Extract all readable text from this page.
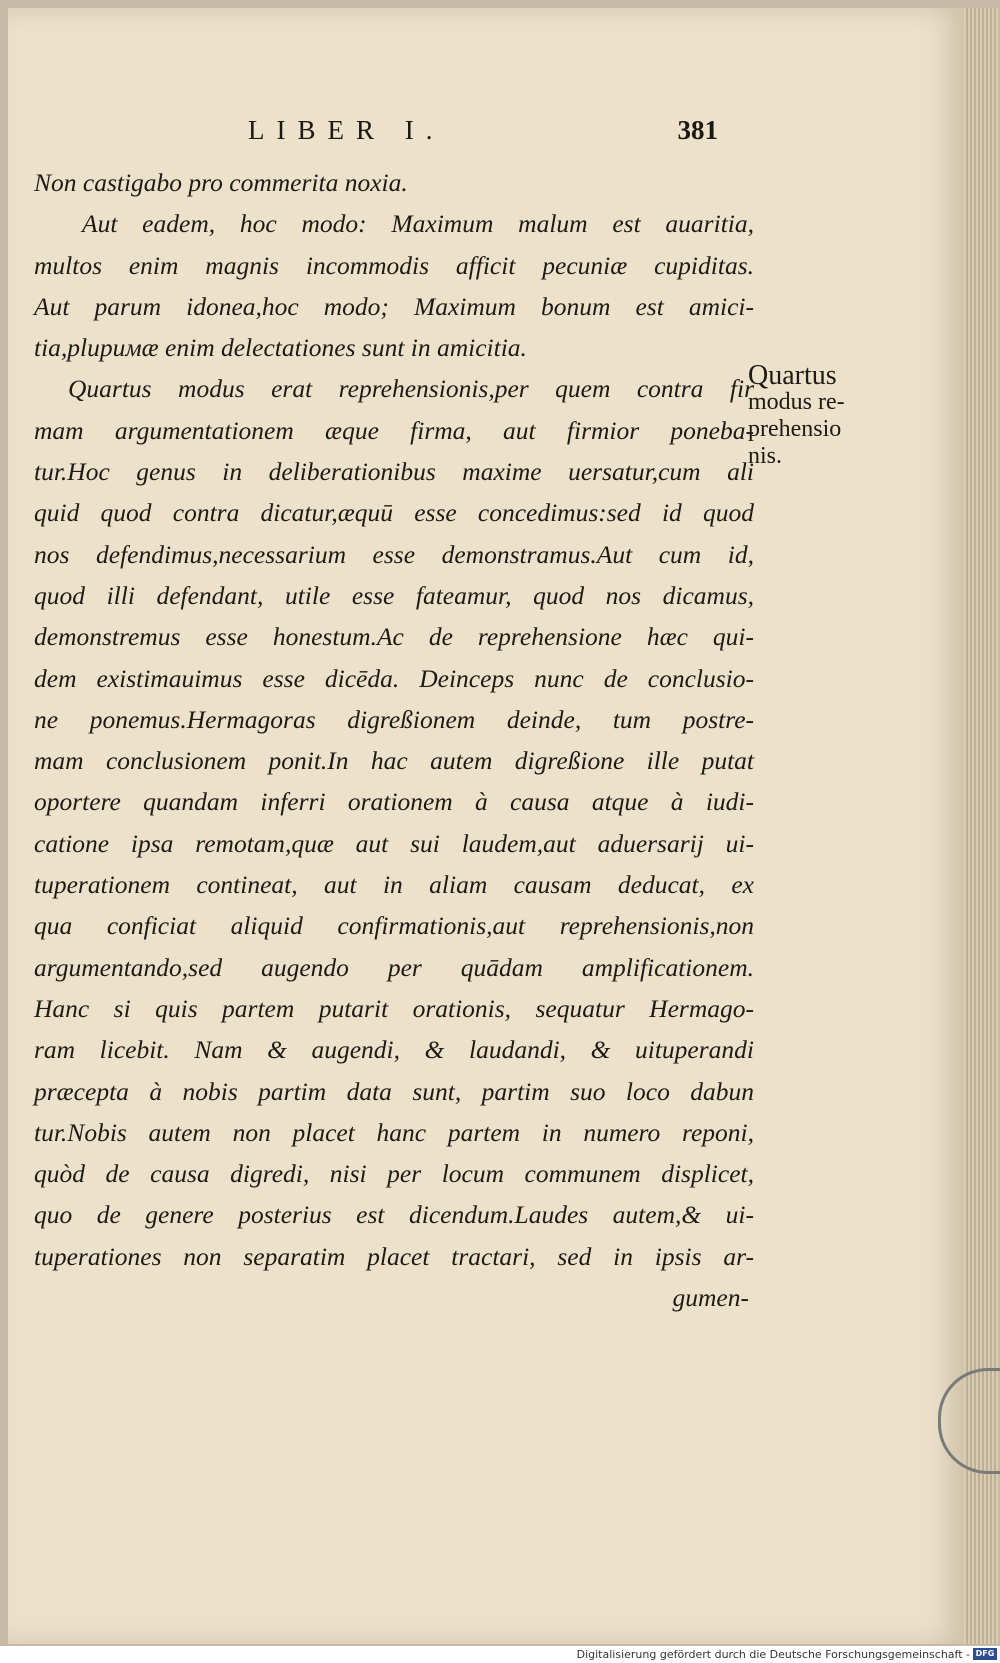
LIBER I.	381
Non castigabo pro commerita noxia.
Aut eadem, hoc modo: Maximum malum est auaritia,
multos enim magnis incommodis afficit pecuniæ cupiditas.
Aut parum idonea,hoc modo; Maximum bonum est amici-
tia,pluримæ enim delectationes sunt in amicitia.
Quartus modus erat reprehensionis,per quem contra fir
mam argumentationem æque firma, aut firmior poneba-
tur.Hoc genus in deliberationibus maxime uersatur,cum ali
quid quod contra dicatur,æquū esse concedimus:sed id quod
nos defendimus,necessarium esse demonstramus.Aut cum id,
quod illi defendant, utile esse fateamur, quod nos dicamus,
demonstremus esse honestum.Ac de reprehensione hæc qui-
dem existimauimus esse dicēda. Deinceps nunc de conclusio-
ne ponemus.Hermagoras digreßionem deinde, tum postre-
mam conclusionem ponit.In hac autem digreßione ille putat
oportere quandam inferri orationem à causa atque à iudi-
catione ipsa remotam,quæ aut sui laudem,aut aduersarij ui-
tuperationem contineat, aut in aliam causam deducat, ex
qua conficiat aliquid confirmationis,aut reprehensionis,non
argumentando,sed augendo per quādam amplificationem.
Hanc si quis partem putarit orationis, sequatur Hermago-
ram licebit. Nam & augendi, & laudandi, & uituperandi
præcepta à nobis partim data sunt, partim suo loco dabun
tur.Nobis autem non placet hanc partem in numero reponi,
quòd de causa digredi, nisi per locum communem displicet,
quo de genere posterius est dicendum.Laudes autem,& ui-
tuperationes non separatim placet tractari, sed in ipsis ar-
gumen-
Quartus
modus re-
prehensio
nis.
Digitalisierung gefördert durch die Deutsche Forschungsgemeinschaft - DFG
